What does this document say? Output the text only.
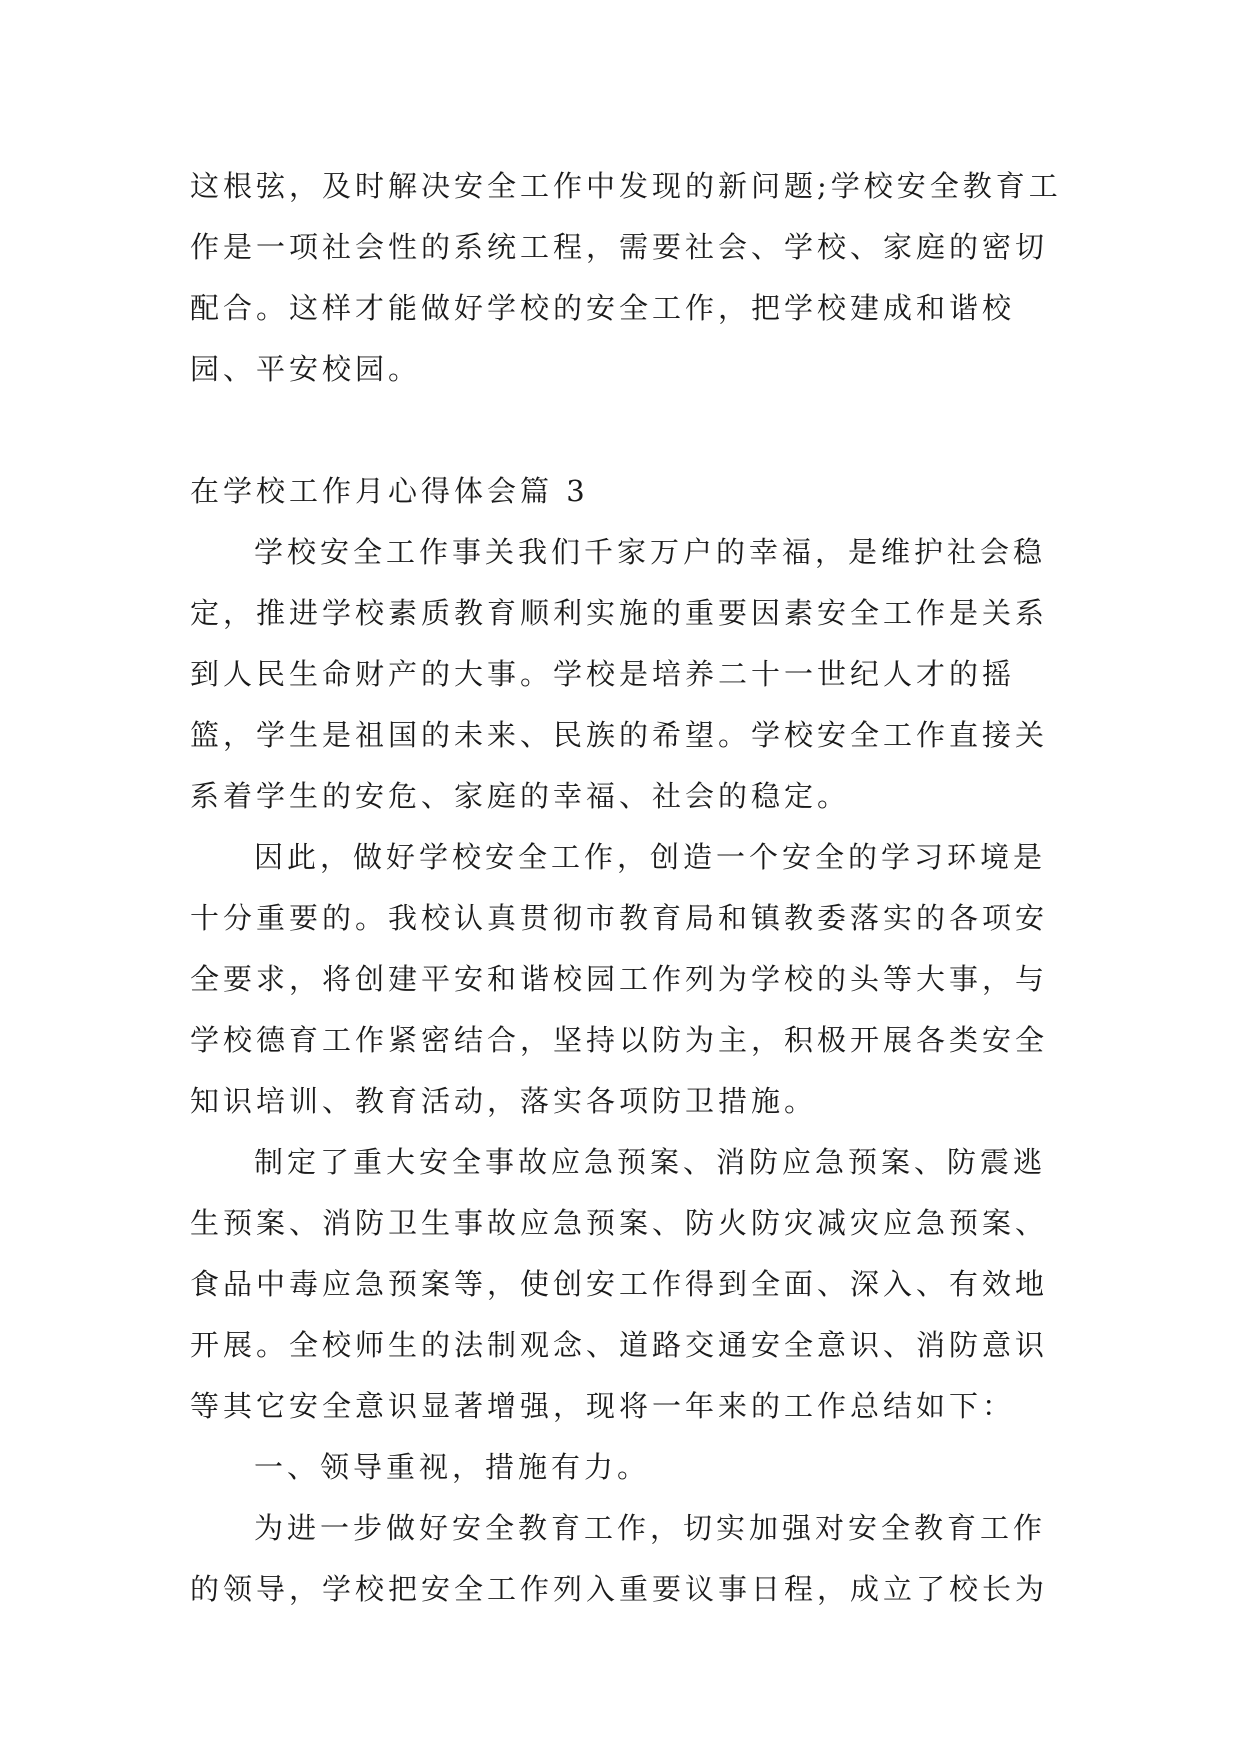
这根弦，及时解决安全工作中发现的新问题;学校安全教育工作是一项社会性的系统工程，需要社会、学校、家庭的密切配合。这样才能做好学校的安全工作，把学校建成和谐校园、平安校园。

在学校工作月心得体会篇 3

学校安全工作事关我们千家万户的幸福，是维护社会稳定，推进学校素质教育顺利实施的重要因素安全工作是关系到人民生命财产的大事。学校是培养二十一世纪人才的摇篮，学生是祖国的未来、民族的希望。学校安全工作直接关系着学生的安危、家庭的幸福、社会的稳定。

因此，做好学校安全工作，创造一个安全的学习环境是十分重要的。我校认真贯彻市教育局和镇教委落实的各项安全要求，将创建平安和谐校园工作列为学校的头等大事，与学校德育工作紧密结合，坚持以防为主，积极开展各类安全知识培训、教育活动，落实各项防卫措施。

制定了重大安全事故应急预案、消防应急预案、防震逃生预案、消防卫生事故应急预案、防火防灾减灾应急预案、食品中毒应急预案等，使创安工作得到全面、深入、有效地开展。全校师生的法制观念、道路交通安全意识、消防意识等其它安全意识显著增强，现将一年来的工作总结如下：

一、领导重视，措施有力。

为进一步做好安全教育工作，切实加强对安全教育工作的领导，学校把安全工作列入重要议事日程，成立了校长为
